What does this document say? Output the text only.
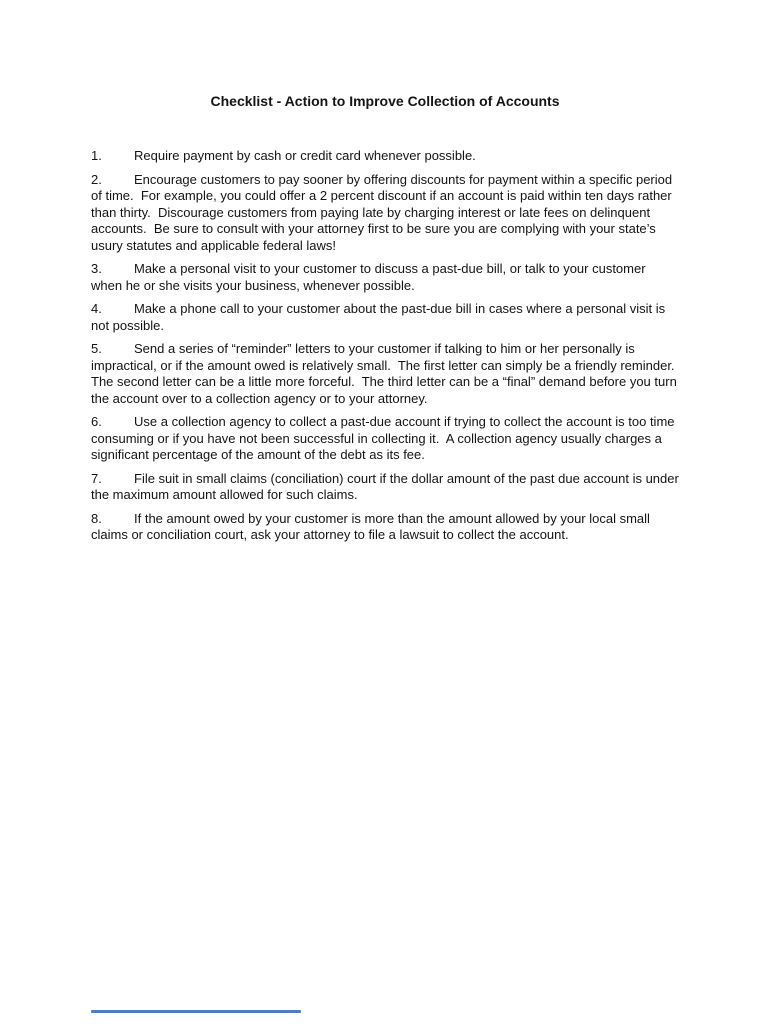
Checklist - Action to Improve Collection of Accounts
1. Require payment by cash or credit card whenever possible.
2. Encourage customers to pay sooner by offering discounts for payment within a specific period of time.  For example, you could offer a 2 percent discount if an account is paid within ten days rather than thirty.  Discourage customers from paying late by charging interest or late fees on delinquent accounts.  Be sure to consult with your attorney first to be sure you are complying with your state’s usury statutes and applicable federal laws!
3. Make a personal visit to your customer to discuss a past-due bill, or talk to your customer when he or she visits your business, whenever possible.
4. Make a phone call to your customer about the past-due bill in cases where a personal visit is not possible.
5. Send a series of “reminder” letters to your customer if talking to him or her personally is impractical, or if the amount owed is relatively small.  The first letter can simply be a friendly reminder.  The second letter can be a little more forceful.  The third letter can be a “final” demand before you turn the account over to a collection agency or to your attorney.
6. Use a collection agency to collect a past-due account if trying to collect the account is too time consuming or if you have not been successful in collecting it.  A collection agency usually charges a significant percentage of the amount of the debt as its fee.
7. File suit in small claims (conciliation) court if the dollar amount of the past due account is under the maximum amount allowed for such claims.
8. If the amount owed by your customer is more than the amount allowed by your local small claims or conciliation court, ask your attorney to file a lawsuit to collect the account.
